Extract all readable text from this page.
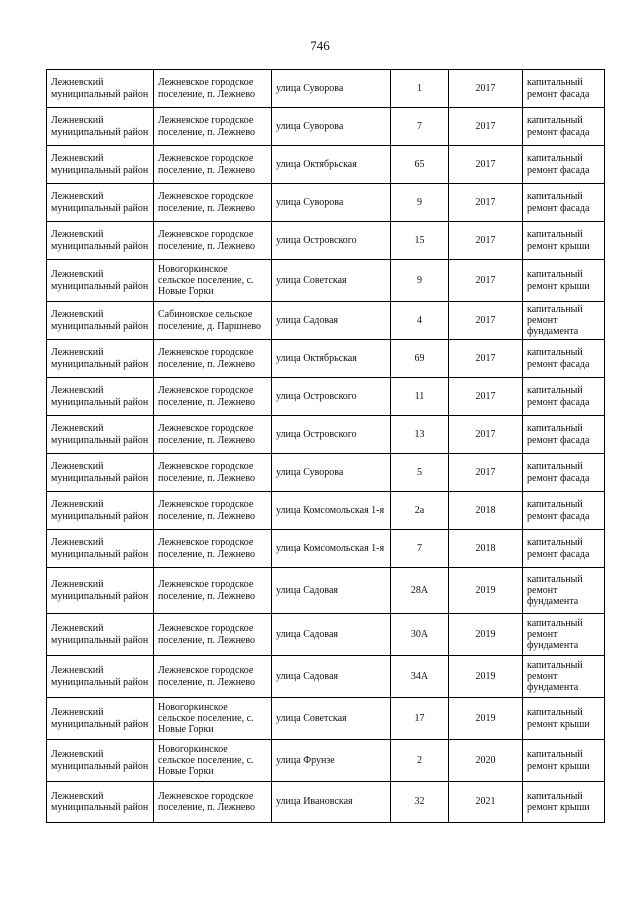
746
Лежневский муниципальный район	Лежневское городское поселение, п. Лежнево	улица Суворова	1	2017	капитальный ремонт фасада
Лежневский муниципальный район	Лежневское городское поселение, п. Лежнево	улица Суворова	7	2017	капитальный ремонт фасада
Лежневский муниципальный район	Лежневское городское поселение, п. Лежнево	улица Октябрьская	65	2017	капитальный ремонт фасада
Лежневский муниципальный район	Лежневское городское поселение, п. Лежнево	улица Суворова	9	2017	капитальный ремонт фасада
Лежневский муниципальный район	Лежневское городское поселение, п. Лежнево	улица Островского	15	2017	капитальный ремонт крыши
Лежневский муниципальный район	Новогоркинское сельское поселение, с. Новые Горки	улица Советская	9	2017	капитальный ремонт крыши
Лежневский муниципальный район	Сабиновское сельское поселение, д. Паршнево	улица Садовая	4	2017	капитальный ремонт фундамента
Лежневский муниципальный район	Лежневское городское поселение, п. Лежнево	улица Октябрьская	69	2017	капитальный ремонт фасада
Лежневский муниципальный район	Лежневское городское поселение, п. Лежнево	улица Островского	11	2017	капитальный ремонт фасада
Лежневский муниципальный район	Лежневское городское поселение, п. Лежнево	улица Островского	13	2017	капитальный ремонт фасада
Лежневский муниципальный район	Лежневское городское поселение, п. Лежнево	улица Суворова	5	2017	капитальный ремонт фасада
Лежневский муниципальный район	Лежневское городское поселение, п. Лежнево	улица Комсомольская 1-я	2а	2018	капитальный ремонт фасада
Лежневский муниципальный район	Лежневское городское поселение, п. Лежнево	улица Комсомольская 1-я	7	2018	капитальный ремонт фасада
Лежневский муниципальный район	Лежневское городское поселение, п. Лежнево	улица Садовая	28А	2019	капитальный ремонт фундамента
Лежневский муниципальный район	Лежневское городское поселение, п. Лежнево	улица Садовая	30А	2019	капитальный ремонт фундамента
Лежневский муниципальный район	Лежневское городское поселение, п. Лежнево	улица Садовая	34А	2019	капитальный ремонт фундамента
Лежневский муниципальный район	Новогоркинское сельское поселение, с. Новые Горки	улица Советская	17	2019	капитальный ремонт крыши
Лежневский муниципальный район	Новогоркинское сельское поселение, с. Новые Горки	улица Фрунзе	2	2020	капитальный ремонт крыши
Лежневский муниципальный район	Лежневское городское поселение, п. Лежнево	улица Ивановская	32	2021	капитальный ремонт крыши
